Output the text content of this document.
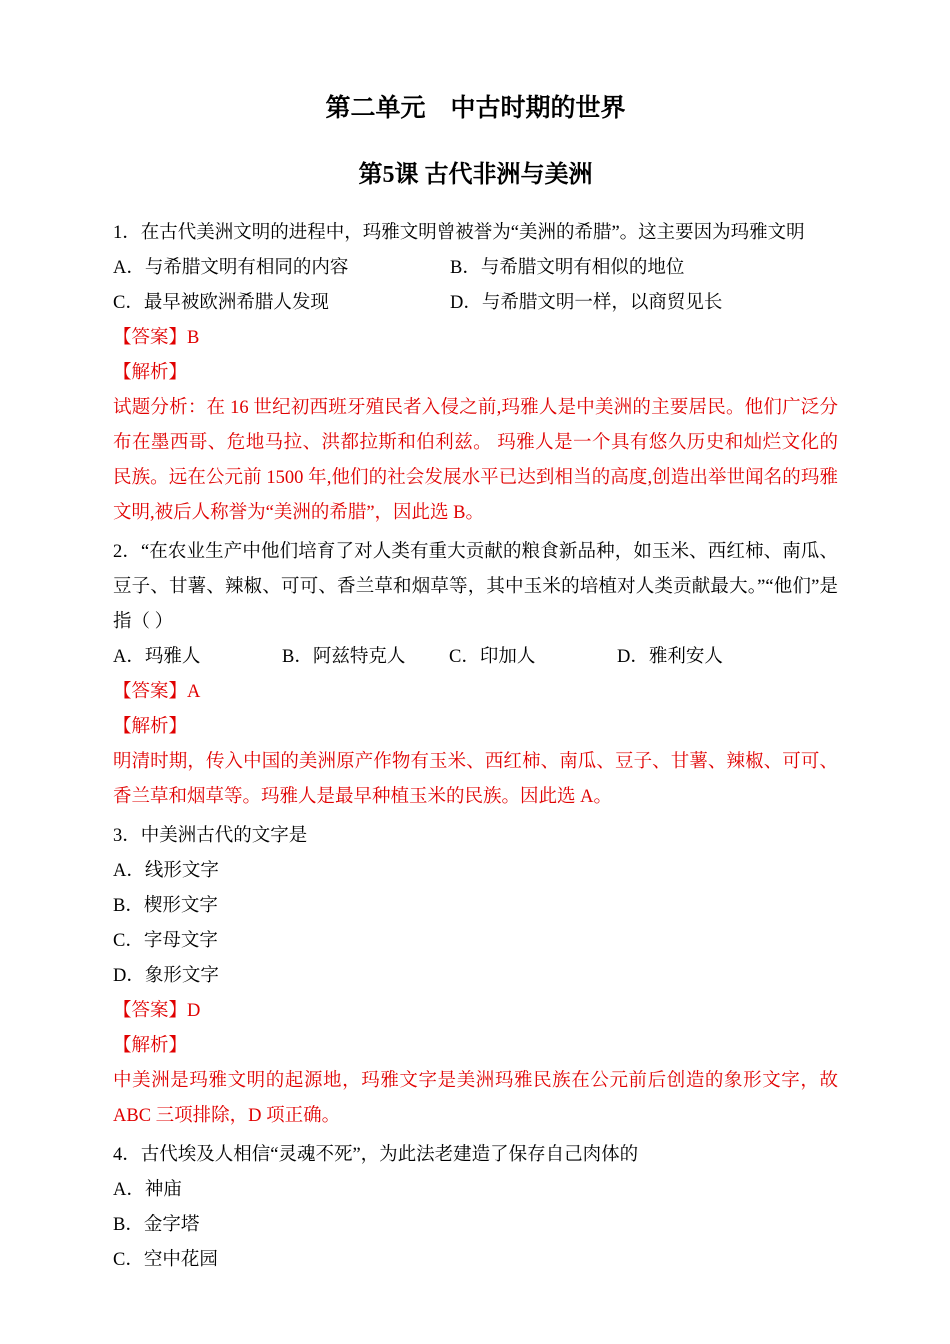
第二单元　中古时期的世界
第5课 古代非洲与美洲

1．在古代美洲文明的进程中，玛雅文明曾被誉为“美洲的希腊”。这主要因为玛雅文明

A．与希腊文明有相同的内容	B．与希腊文明有相似的地位

C．最早被欧洲希腊人发现	D．与希腊文明一样，以商贸见长

【答案】B

【解析】

试题分析：在 16 世纪初西班牙殖民者入侵之前,玛雅人是中美洲的主要居民。他们广泛分布在墨西哥、危地马拉、洪都拉斯和伯利兹。 玛雅人是一个具有悠久历史和灿烂文化的民族。远在公元前 1500 年,他们的社会发展水平已达到相当的高度,创造出举世闻名的玛雅文明,被后人称誉为“美洲的希腊”，因此选 B。

2．“在农业生产中他们培育了对人类有重大贡献的粮食新品种，如玉米、西红柿、南瓜、豆子、甘薯、辣椒、可可、香兰草和烟草等，其中玉米的培植对人类贡献最大。”“他们”是指（ ）

A．玛雅人	B．阿兹特克人 C．印加人	D．雅利安人

【答案】A

【解析】

明清时期，传入中国的美洲原产作物有玉米、西红柿、南瓜、豆子、甘薯、辣椒、可可、香兰草和烟草等。玛雅人是最早种植玉米的民族。因此选 A。

3．中美洲古代的文字是

A．线形文字

B．楔形文字

C．字母文字

D．象形文字

【答案】D

【解析】

中美洲是玛雅文明的起源地，玛雅文字是美洲玛雅民族在公元前后创造的象形文字，故 ABC 三项排除，D 项正确。

4．古代埃及人相信“灵魂不死”，为此法老建造了保存自己肉体的

A．神庙

B．金字塔

C．空中花园
